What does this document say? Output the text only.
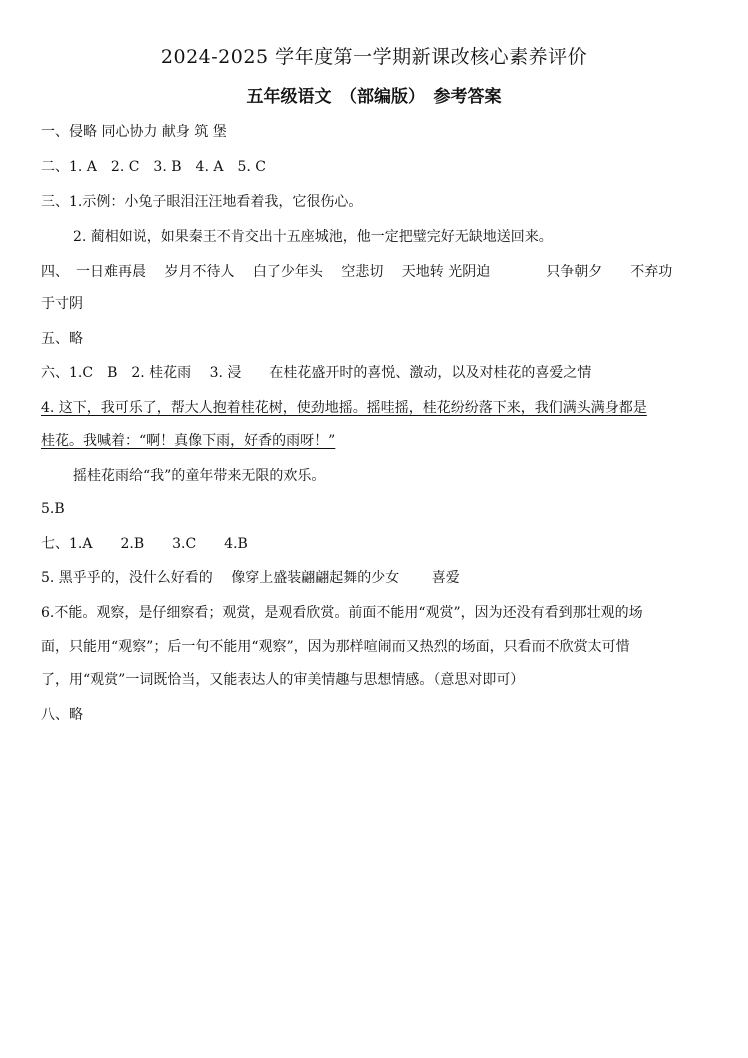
2024-2025 学年度第一学期新课改核心素养评价
五年级语文　（部编版）　参考答案
一、侵略 同心协力 献身 筑 堡
二、1. A　2. C　3. B　4. A　5. C
三、1.示例：小兔子眼泪汪汪地看着我，它很伤心。
2. 蔺相如说，如果秦王不肯交出十五座城池，他一定把璧完好无缺地送回来。
四、　一日难再晨　 岁月不待人　 白了少年头　 空悲切　 天地转 光阴迫　　　　只争朝夕　　不弃功
于寸阴
五、略
六、1.C　B　2. 桂花雨　 3. 浸　　在桂花盛开时的喜悦、激动，以及对桂花的喜爱之情
4. 这下，我可乐了，帮大人抱着桂花树，使劲地摇。摇哇摇，桂花纷纷落下来，我们满头满身都是
桂花。我喊着：“啊！真像下雨，好香的雨呀！”
摇桂花雨给“我”的童年带来无限的欢乐。
5.B
七、1.A　　2.B　　3.C　　4.B
5. 黑乎乎的，没什么好看的　 像穿上盛装翩翩起舞的少女　　 喜爱
6.不能。观察，是仔细察看；观赏，是观看欣赏。前面不能用“观赏”，因为还没有看到那壮观的场
面，只能用“观察”；后一句不能用“观察”，因为那样喧闹而又热烈的场面，只看而不欣赏太可惜
了，用“观赏”一词既恰当，又能表达人的审美情趣与思想情感。（意思对即可）
八、略
